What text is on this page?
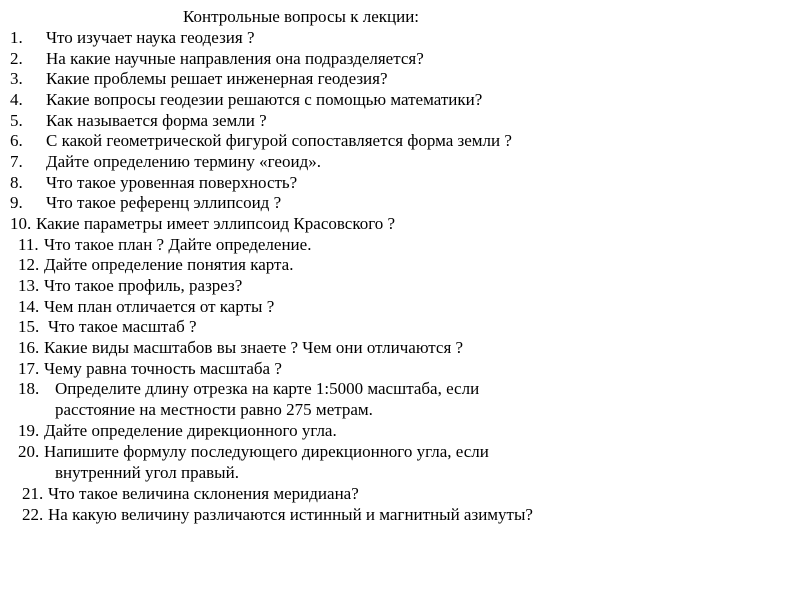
Контрольные вопросы к лекции:
1. Что изучает наука геодезия ?
2. На какие научные направления она подразделяется?
3. Какие проблемы решает инженерная геодезия?
4. Какие вопросы геодезии решаются с помощью математики?
5. Как называется форма земли ?
6. С какой геометрической фигурой сопоставляется форма земли ?
7. Дайте определению термину «геоид».
8. Что такое уровенная поверхность?
9. Что такое референц эллипсоид ?
10. Какие параметры имеет эллипсоид Красовского ?
11. Что такое план ? Дайте определение.
12. Дайте определение понятия карта.
13. Что такое профиль, разрез?
14. Чем план отличается от карты ?
15. Что такое масштаб ?
16. Какие виды масштабов вы знаете ? Чем они отличаются ?
17. Чему равна точность масштаба ?
18. Определите длину отрезка на карте 1:5000 масштаба, если
расстояние на местности равно 275 метрам.
19. Дайте определение дирекционного угла.
20. Напишите формулу последующего дирекционного угла, если
внутренний угол правый.
21. Что такое величина склонения меридиана?
22. На какую величину различаются истинный и магнитный азимуты?
